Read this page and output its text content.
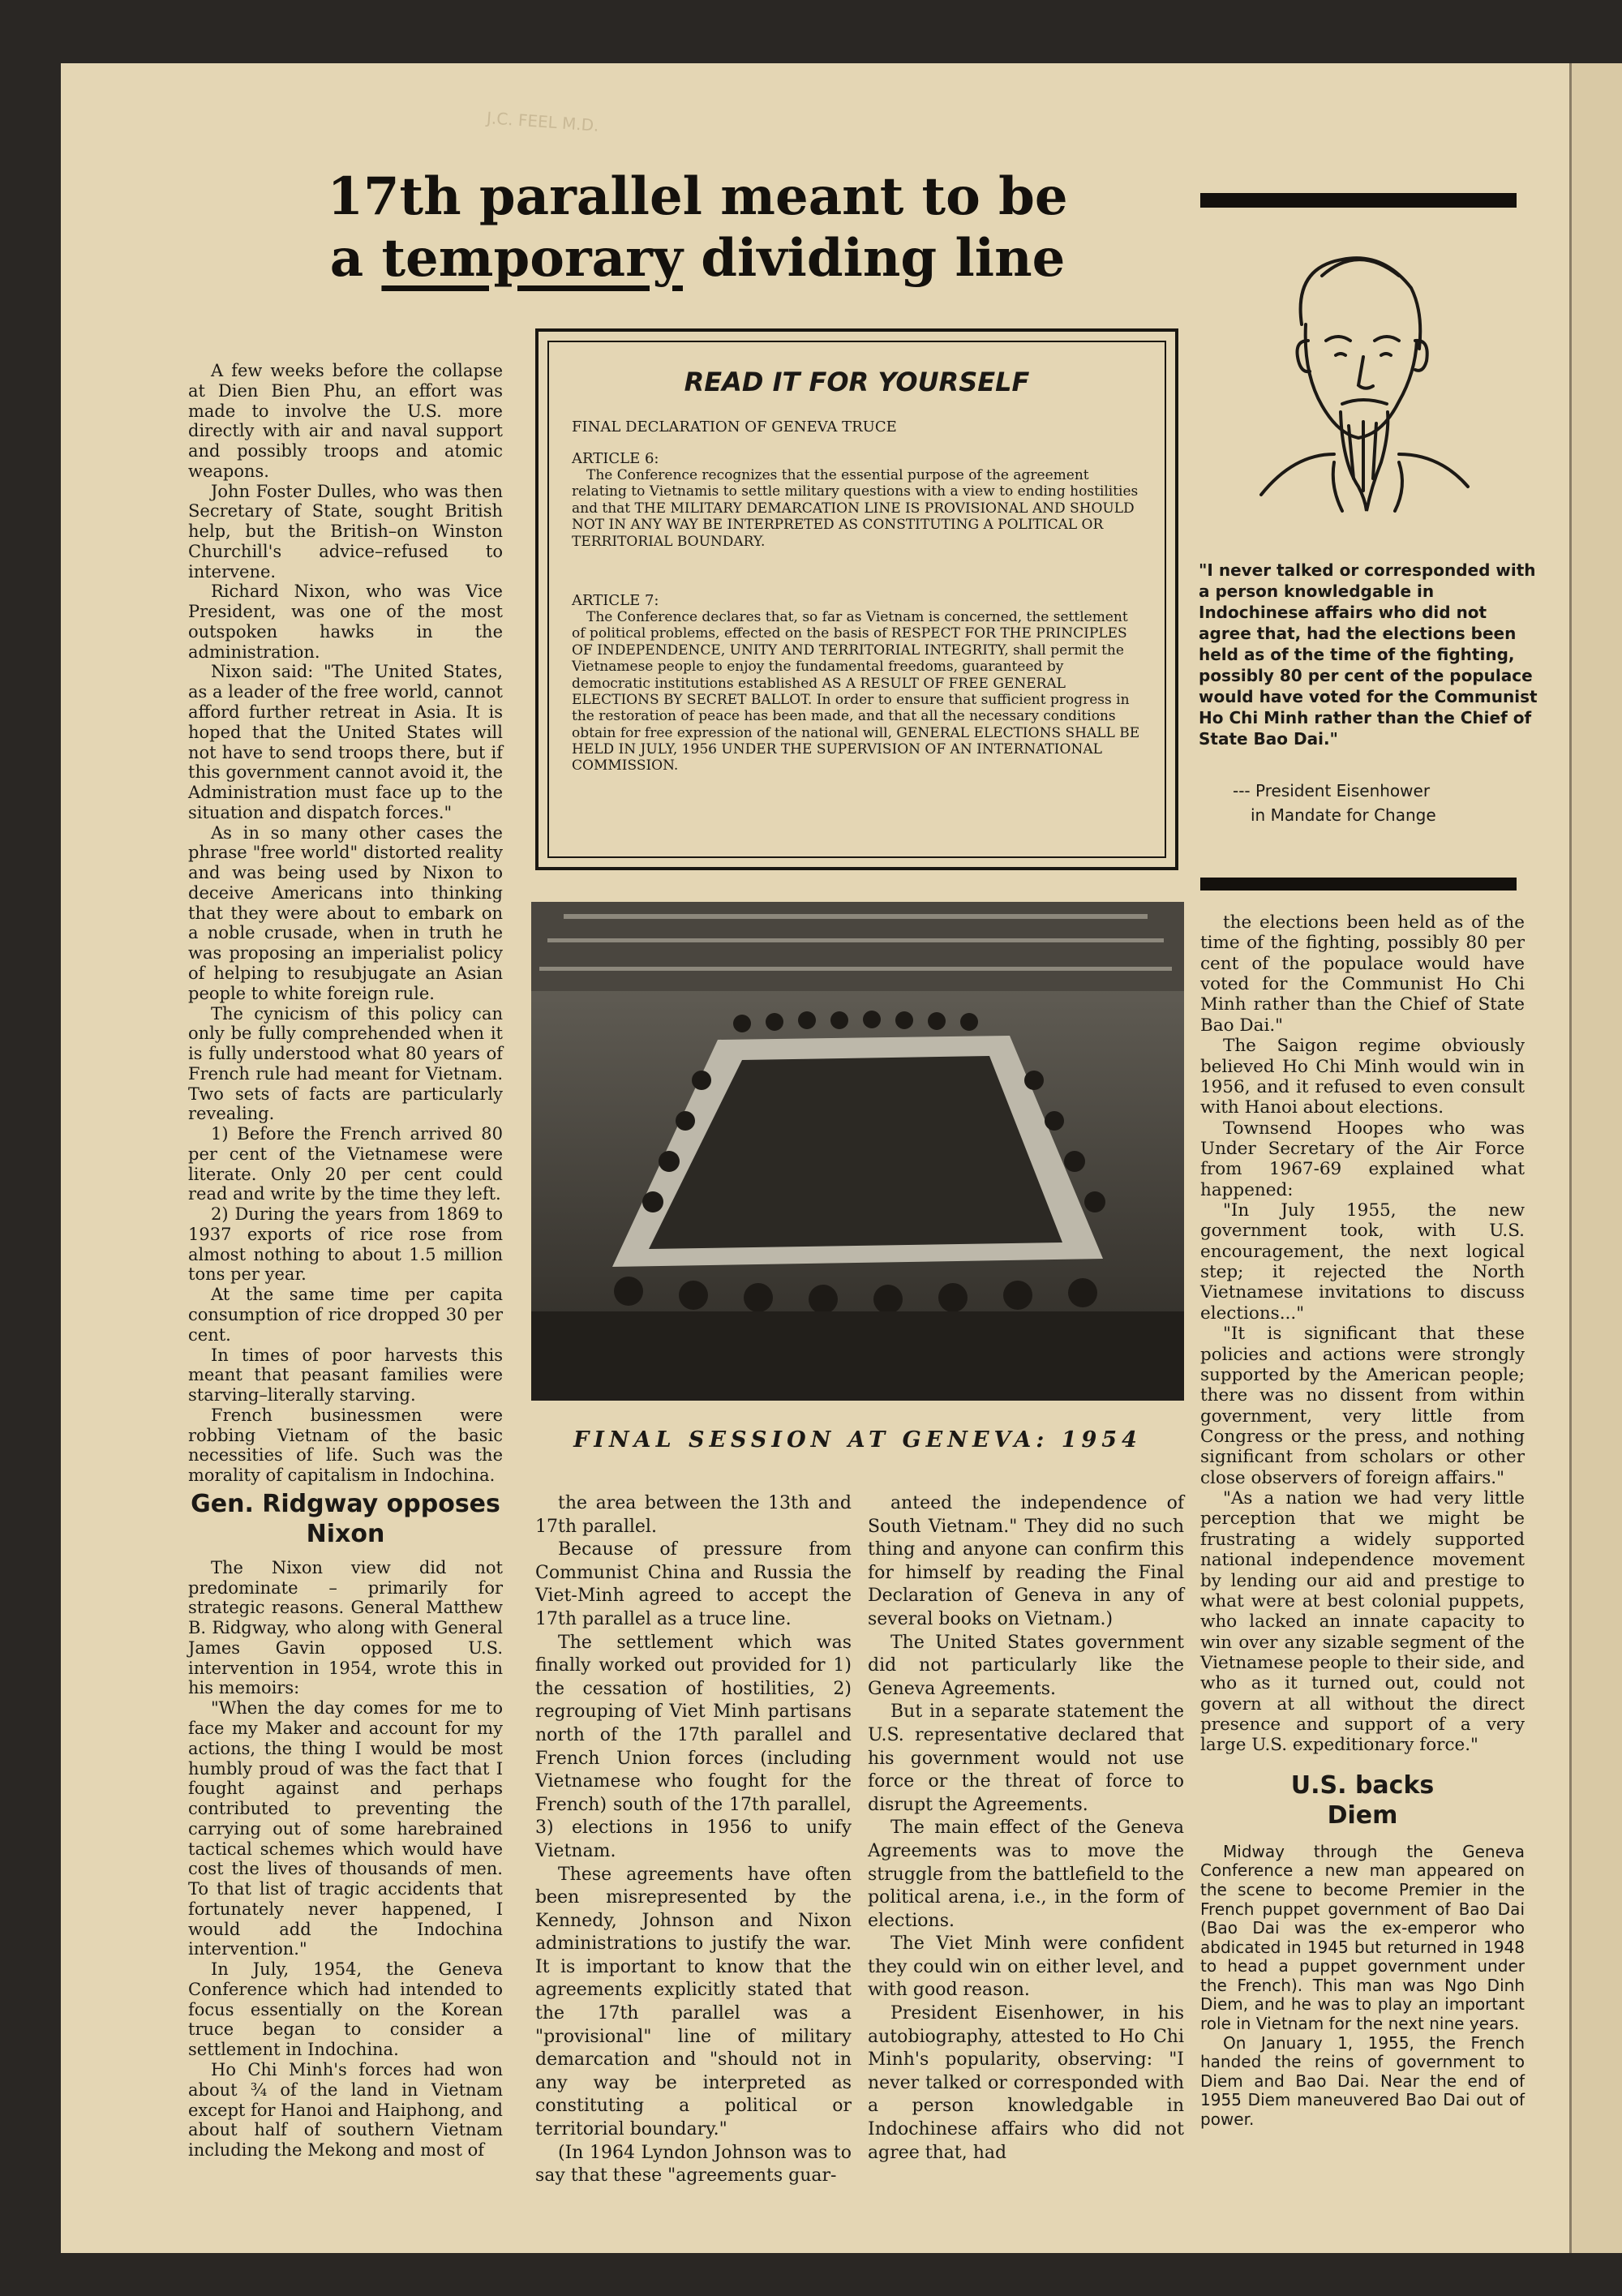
J.C. FEEL M.D.
17th parallel meant to be
a temporary dividing line
"I never talked or corresponded with a person knowledgable in Indochinese affairs who did not agree that, had the elections been held as of the time of the fighting, possibly 80 per cent of the populace would have voted for the Communist Ho Chi Minh rather than the Chief of State Bao Dai."
--- President Eisenhower
in Mandate for Change
READ IT FOR YOURSELF

FINAL DECLARATION OF GENEVA TRUCE

ARTICLE 6:

The Conference recognizes that the essential purpose of the agreement relating to Vietnamis to settle military questions with a view to ending hostilities and that THE MILITARY DEMARCATION LINE IS PROVISIONAL AND SHOULD NOT IN ANY WAY BE INTERPRETED AS CONSTITUTING A POLITICAL OR TERRITORIAL BOUNDARY.

ARTICLE 7:

The Conference declares that, so far as Vietnam is concerned, the settlement of political problems, effected on the basis of RESPECT FOR THE PRINCIPLES OF INDEPENDENCE, UNITY AND TERRITORIAL INTEGRITY, shall permit the Vietnamese people to enjoy the fundamental freedoms, guaranteed by democratic institutions established AS A RESULT OF FREE GENERAL ELECTIONS BY SECRET BALLOT. In order to ensure that sufficient progress in the restoration of peace has been made, and that all the necessary conditions obtain for free expression of the national will, GENERAL ELECTIONS SHALL BE HELD IN JULY, 1956 UNDER THE SUPERVISION OF AN INTERNATIONAL COMMISSION.

FINAL SESSION AT GENEVA: 1954

A few weeks before the collapse at Dien Bien Phu, an effort was made to involve the U.S. more directly with air and naval support and possibly troops and atomic weapons.

John Foster Dulles, who was then Secretary of State, sought British help, but the British–on Winston Churchill's advice–refused to intervene.

Richard Nixon, who was Vice President, was one of the most outspoken hawks in the administration.

Nixon said: "The United States, as a leader of the free world, cannot afford further retreat in Asia. It is hoped that the United States will not have to send troops there, but if this government cannot avoid it, the Administration must face up to the situation and dispatch forces."

As in so many other cases the phrase "free world" distorted reality and was being used by Nixon to deceive Americans into thinking that they were about to embark on a noble crusade, when in truth he was proposing an imperialist policy of helping to resubjugate an Asian people to white foreign rule.

The cynicism of this policy can only be fully comprehended when it is fully understood what 80 years of French rule had meant for Vietnam. Two sets of facts are particularly revealing.

1) Before the French arrived 80 per cent of the Vietnamese were literate. Only 20 per cent could read and write by the time they left.

2) During the years from 1869 to 1937 exports of rice rose from almost nothing to about 1.5 million tons per year.

At the same time per capita consumption of rice dropped 30 per cent.

In times of poor harvests this meant that peasant families were starving–literally starving.

French businessmen were robbing Vietnam of the basic necessities of life. Such was the morality of capitalism in Indochina.

Gen. Ridgway opposes Nixon

The Nixon view did not predominate – primarily for strategic reasons. General Matthew B. Ridgway, who along with General James Gavin opposed U.S. intervention in 1954, wrote this in his memoirs:

"When the day comes for me to face my Maker and account for my actions, the thing I would be most humbly proud of was the fact that I fought against and perhaps contributed to preventing the carrying out of some harebrained tactical schemes which would have cost the lives of thousands of men. To that list of tragic accidents that fortunately never happened, I would add the Indochina intervention."

In July, 1954, the Geneva Conference which had intended to focus essentially on the Korean truce began to consider a settlement in Indochina.

Ho Chi Minh's forces had won about ¾ of the land in Vietnam except for Hanoi and Haiphong, and about half of southern Vietnam including the Mekong and most of

the area between the 13th and 17th parallel.

Because of pressure from Communist China and Russia the Viet-Minh agreed to accept the 17th parallel as a truce line.

The settlement which was finally worked out provided for 1) the cessation of hostilities, 2) regrouping of Viet Minh partisans north of the 17th parallel and French Union forces (including Vietnamese who fought for the French) south of the 17th parallel, 3) elections in 1956 to unify Vietnam.

These agreements have often been misrepresented by the Kennedy, Johnson and Nixon administrations to justify the war. It is important to know that the agreements explicitly stated that the 17th parallel was a "provisional" line of military demarcation and "should not in any way be interpreted as constituting a political or territorial boundary."

(In 1964 Lyndon Johnson was to say that these "agreements guar-

anteed the independence of South Vietnam." They did no such thing and anyone can confirm this for himself by reading the Final Declaration of Geneva in any of several books on Vietnam.)

The United States government did not particularly like the Geneva Agreements.

But in a separate statement the U.S. representative declared that his government would not use force or the threat of force to disrupt the Agreements.

The main effect of the Geneva Agreements was to move the struggle from the battlefield to the political arena, i.e., in the form of elections.

The Viet Minh were confident they could win on either level, and with good reason.

President Eisenhower, in his autobiography, attested to Ho Chi Minh's popularity, observing: "I never talked or corresponded with a person knowledgable in Indochinese affairs who did not agree that, had

the elections been held as of the time of the fighting, possibly 80 per cent of the populace would have voted for the Communist Ho Chi Minh rather than the Chief of State Bao Dai."

The Saigon regime obviously believed Ho Chi Minh would win in 1956, and it refused to even consult with Hanoi about elections.

Townsend Hoopes who was Under Secretary of the Air Force from 1967-69 explained what happened:

"In July 1955, the new government took, with U.S. encouragement, the next logical step; it rejected the North Vietnamese invitations to discuss elections..."

"It is significant that these policies and actions were strongly supported by the American people; there was no dissent from within government, very little from Congress or the press, and nothing significant from scholars or other close observers of foreign affairs."

"As a nation we had very little perception that we might be frustrating a widely supported national independence movement by lending our aid and prestige to what were at best colonial puppets, who lacked an innate capacity to win over any sizable segment of the Vietnamese people to their side, and who as it turned out, could not govern at all without the direct presence and support of a very large U.S. expeditionary force."

U.S. backs Diem

Midway through the Geneva Conference a new man appeared on the scene to become Premier in the French puppet government of Bao Dai (Bao Dai was the ex-emperor who abdicated in 1945 but returned in 1948 to head a puppet government under the French). This man was Ngo Dinh Diem, and he was to play an important role in Vietnam for the next nine years.

On January 1, 1955, the French handed the reins of government to Diem and Bao Dai. Near the end of 1955 Diem maneuvered Bao Dai out of power.
